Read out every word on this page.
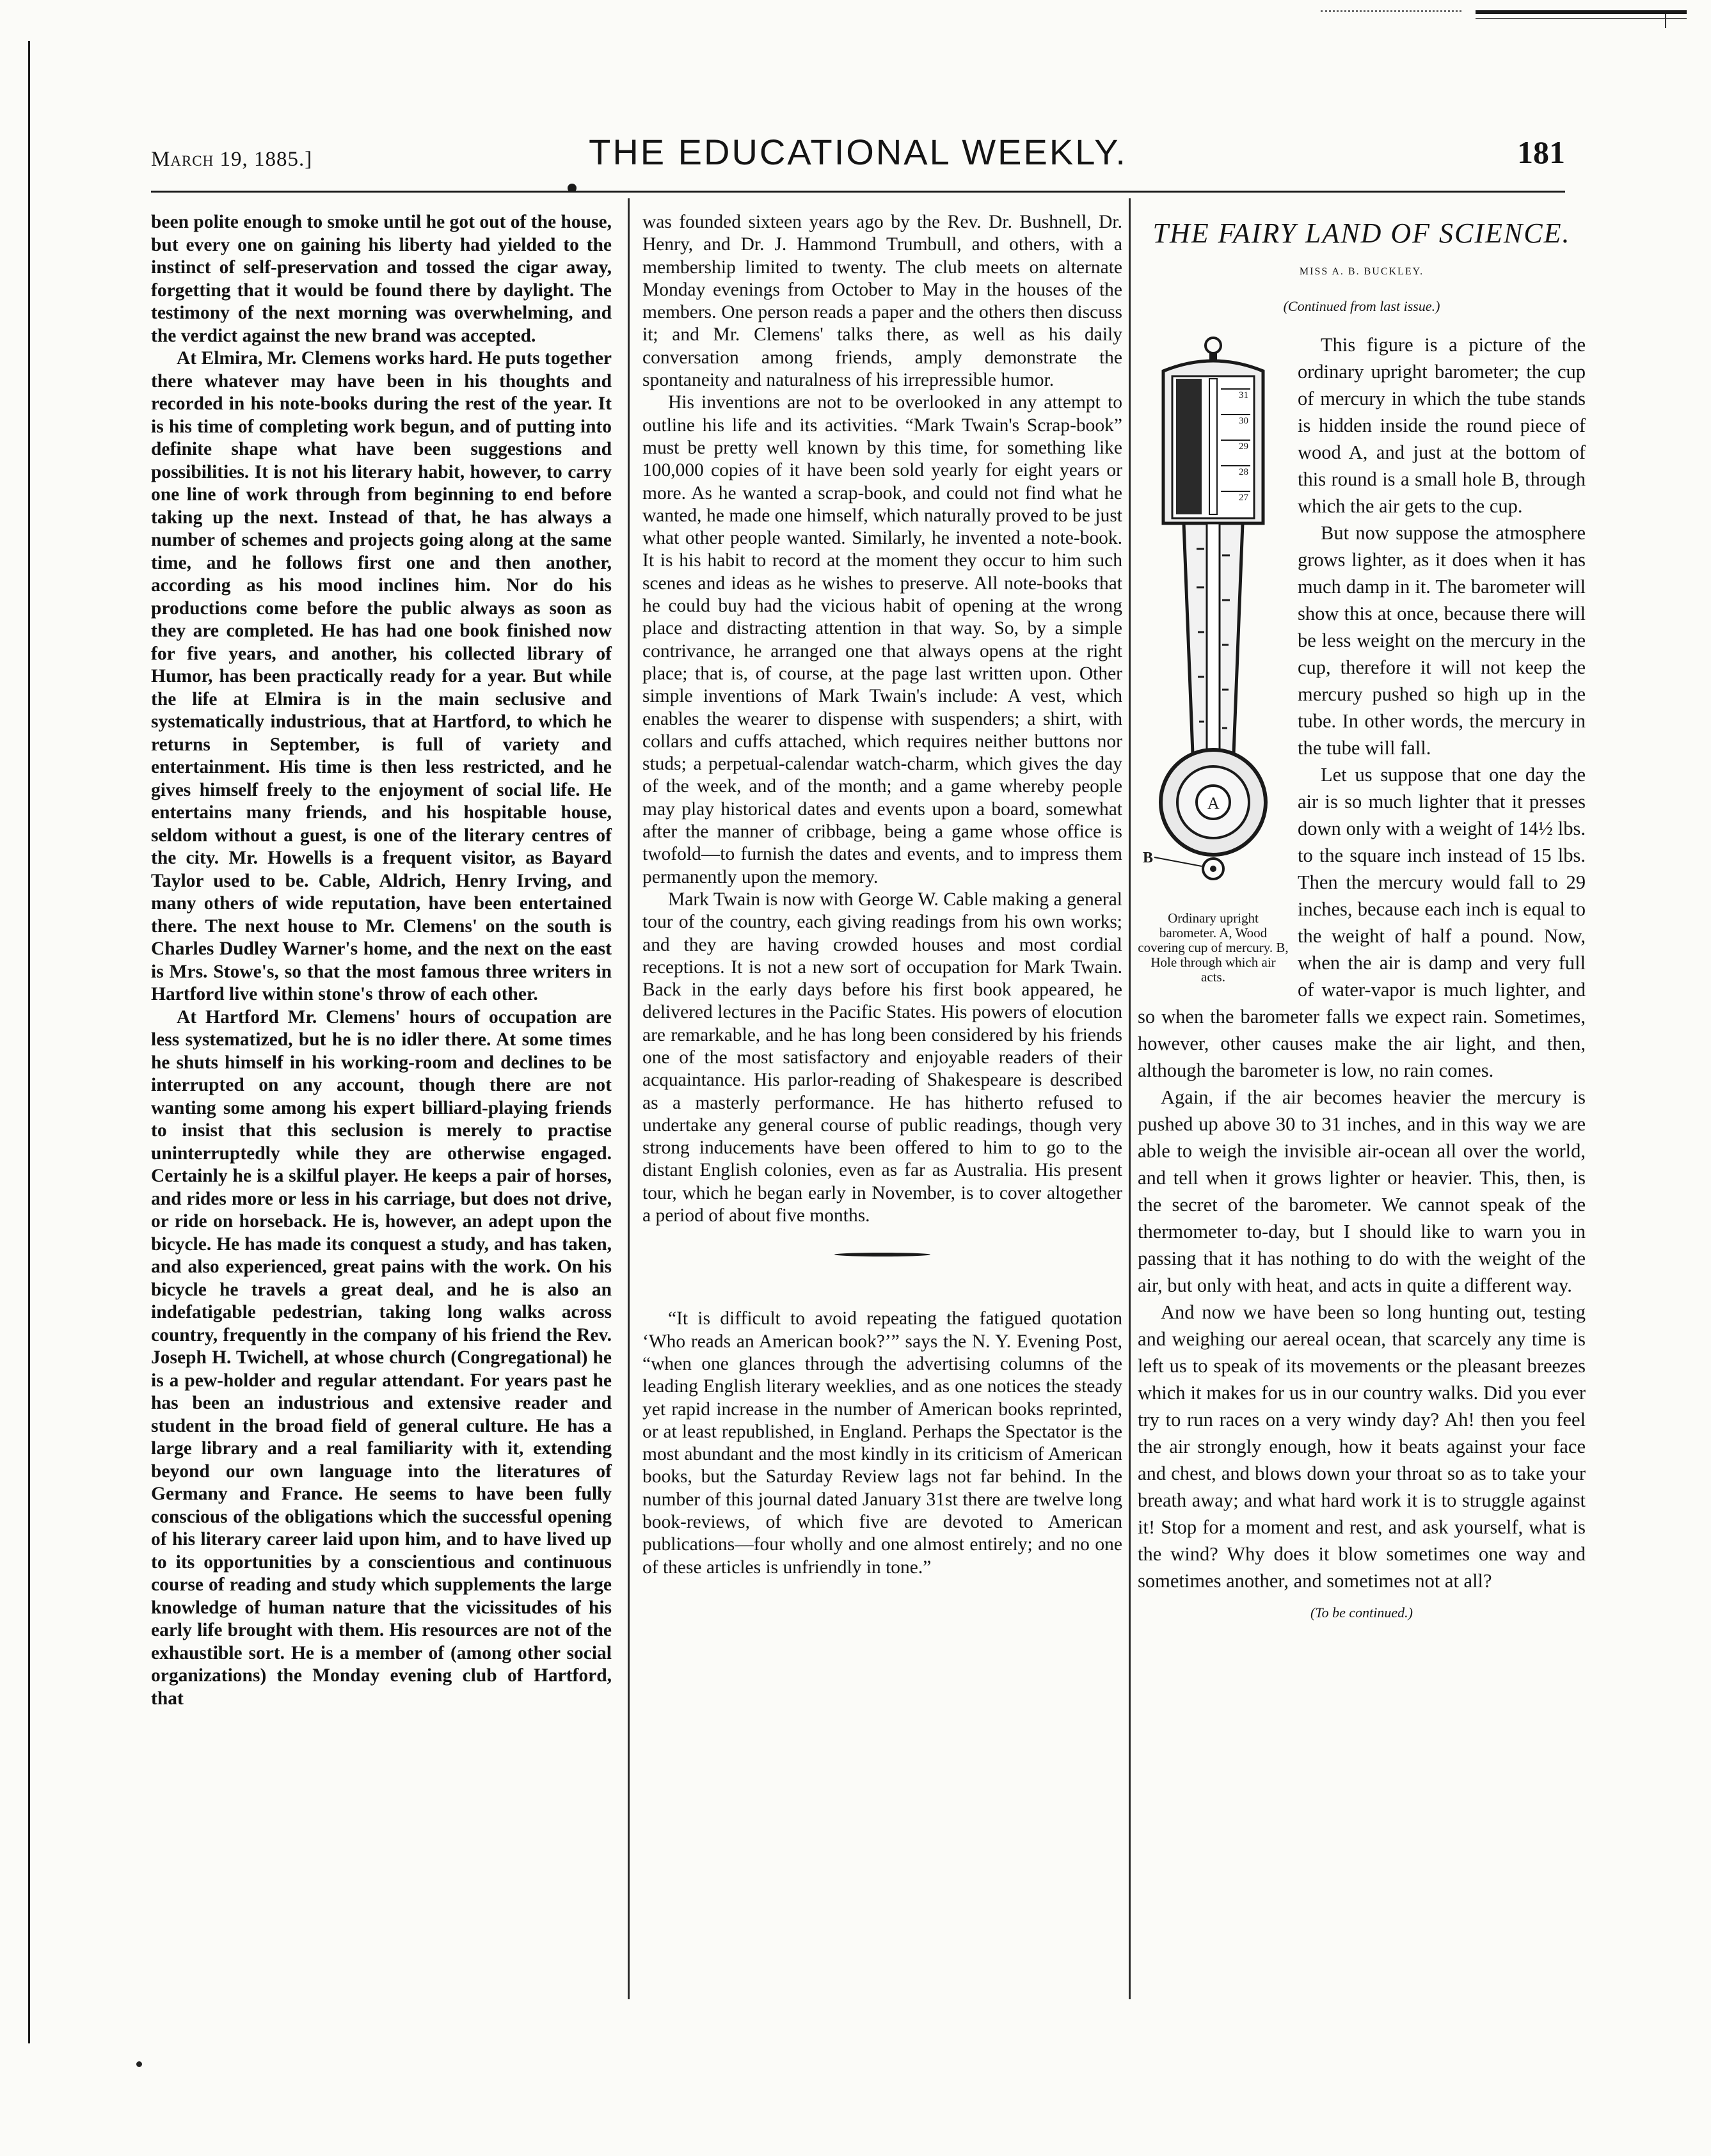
March 19, 1885.]	THE EDUCATIONAL WEEKLY.	181

been polite enough to smoke until he got out of the house, but every one on gaining his liberty had yielded to the instinct of self-preservation and tossed the cigar away, forgetting that it would be found there by daylight. The testimony of the next morning was overwhelming, and the verdict against the new brand was accepted.

At Elmira, Mr. Clemens works hard. He puts together there whatever may have been in his thoughts and recorded in his note-books during the rest of the year. It is his time of completing work begun, and of putting into definite shape what have been suggestions and possibilities. It is not his literary habit, however, to carry one line of work through from beginning to end before taking up the next. Instead of that, he has always a number of schemes and projects going along at the same time, and he follows first one and then another, according as his mood inclines him. Nor do his productions come before the public always as soon as they are completed. He has had one book finished now for five years, and another, his collected library of Humor, has been practically ready for a year. But while the life at Elmira is in the main seclusive and systematically industrious, that at Hartford, to which he returns in September, is full of variety and entertainment. His time is then less restricted, and he gives himself freely to the enjoyment of social life. He entertains many friends, and his hospitable house, seldom without a guest, is one of the literary centres of the city. Mr. Howells is a frequent visitor, as Bayard Taylor used to be. Cable, Aldrich, Henry Irving, and many others of wide reputation, have been entertained there. The next house to Mr. Clemens' on the south is Charles Dudley Warner's home, and the next on the east is Mrs. Stowe's, so that the most famous three writers in Hartford live within stone's throw of each other.

At Hartford Mr. Clemens' hours of occupation are less systematized, but he is no idler there. At some times he shuts himself in his working-room and declines to be interrupted on any account, though there are not wanting some among his expert billiard-playing friends to insist that this seclusion is merely to practise uninterruptedly while they are otherwise engaged. Certainly he is a skilful player. He keeps a pair of horses, and rides more or less in his carriage, but does not drive, or ride on horseback. He is, however, an adept upon the bicycle. He has made its conquest a study, and has taken, and also experienced, great pains with the work. On his bicycle he travels a great deal, and he is also an indefatigable pedestrian, taking long walks across country, frequently in the company of his friend the Rev. Joseph H. Twichell, at whose church (Congregational) he is a pew-holder and regular attendant. For years past he has been an industrious and extensive reader and student in the broad field of general culture. He has a large library and a real familiarity with it, extending beyond our own language into the literatures of Germany and France. He seems to have been fully conscious of the obligations which the successful opening of his literary career laid upon him, and to have lived up to its opportunities by a conscientious and continuous course of reading and study which supplements the large knowledge of human nature that the vicissitudes of his early life brought with them. His resources are not of the exhaustible sort. He is a member of (among other social organizations) the Monday evening club of Hartford, that

was founded sixteen years ago by the Rev. Dr. Bushnell, Dr. Henry, and Dr. J. Hammond Trumbull, and others, with a membership limited to twenty. The club meets on alternate Monday evenings from October to May in the houses of the members. One person reads a paper and the others then discuss it; and Mr. Clemens' talks there, as well as his daily conversation among friends, amply demonstrate the spontaneity and naturalness of his irrepressible humor.

His inventions are not to be overlooked in any attempt to outline his life and its activities. “Mark Twain's Scrap-book” must be pretty well known by this time, for something like 100,000 copies of it have been sold yearly for eight years or more. As he wanted a scrap-book, and could not find what he wanted, he made one himself, which naturally proved to be just what other people wanted. Similarly, he invented a note-book. It is his habit to record at the moment they occur to him such scenes and ideas as he wishes to preserve. All note-books that he could buy had the vicious habit of opening at the wrong place and distracting attention in that way. So, by a simple contrivance, he arranged one that always opens at the right place; that is, of course, at the page last written upon. Other simple inventions of Mark Twain's include: A vest, which enables the wearer to dispense with suspenders; a shirt, with collars and cuffs attached, which requires neither buttons nor studs; a perpetual-calendar watch-charm, which gives the day of the week, and of the month; and a game whereby people may play historical dates and events upon a board, somewhat after the manner of cribbage, being a game whose office is twofold—to furnish the dates and events, and to impress them permanently upon the memory.

Mark Twain is now with George W. Cable making a general tour of the country, each giving readings from his own works; and they are having crowded houses and most cordial receptions. It is not a new sort of occupation for Mark Twain. Back in the early days before his first book appeared, he delivered lectures in the Pacific States. His powers of elocution are remarkable, and he has long been considered by his friends one of the most satisfactory and enjoyable readers of their acquaintance. His parlor-reading of Shakespeare is described as a masterly performance. He has hitherto refused to undertake any general course of public readings, though very strong inducements have been offered to him to go to the distant English colonies, even as far as Australia. His present tour, which he began early in November, is to cover altogether a period of about five months.

“It is difficult to avoid repeating the fatigued quotation ‘Who reads an American book?’” says the N. Y. Evening Post, “when one glances through the advertising columns of the leading English literary weeklies, and as one notices the steady yet rapid increase in the number of American books reprinted, or at least republished, in England. Perhaps the Spectator is the most abundant and the most kindly in its criticism of American books, but the Saturday Review lags not far behind. In the number of this journal dated January 31st there are twelve long book-reviews, of which five are devoted to American publications—four wholly and one almost entirely; and no one of these articles is unfriendly in tone.”

THE FAIRY LAND OF SCIENCE.
MISS A. B. BUCKLEY.
(Continued from last issue.)
31
30
29
28
27
A
B
Ordinary upright barometer. A, Wood covering cup of mercury. B, Hole through which air acts.

This figure is a picture of the ordinary upright barometer; the cup of mercury in which the tube stands is hidden inside the round piece of wood A, and just at the bottom of this round is a small hole B, through which the air gets to the cup.

But now suppose the atmosphere grows lighter, as it does when it has much damp in it. The barometer will show this at once, because there will be less weight on the mercury in the cup, therefore it will not keep the mercury pushed so high up in the tube. In other words, the mercury in the tube will fall.

Let us suppose that one day the air is so much lighter that it presses down only with a weight of 14½ lbs. to the square inch instead of 15 lbs. Then the mercury would fall to 29 inches, because each inch is equal to the weight of half a pound. Now, when the air is damp and very full of water-vapor is much lighter, and so when the barometer falls we expect rain. Sometimes, however, other causes make the air light, and then, although the barometer is low, no rain comes.

Again, if the air becomes heavier the mercury is pushed up above 30 to 31 inches, and in this way we are able to weigh the invisible air-ocean all over the world, and tell when it grows lighter or heavier. This, then, is the secret of the barometer. We cannot speak of the thermometer to-day, but I should like to warn you in passing that it has nothing to do with the weight of the air, but only with heat, and acts in quite a different way.

And now we have been so long hunting out, testing and weighing our aereal ocean, that scarcely any time is left us to speak of its movements or the pleasant breezes which it makes for us in our country walks. Did you ever try to run races on a very windy day? Ah! then you feel the air strongly enough, how it beats against your face and chest, and blows down your throat so as to take your breath away; and what hard work it is to struggle against it! Stop for a moment and rest, and ask yourself, what is the wind? Why does it blow sometimes one way and sometimes another, and sometimes not at all?

(To be continued.)
